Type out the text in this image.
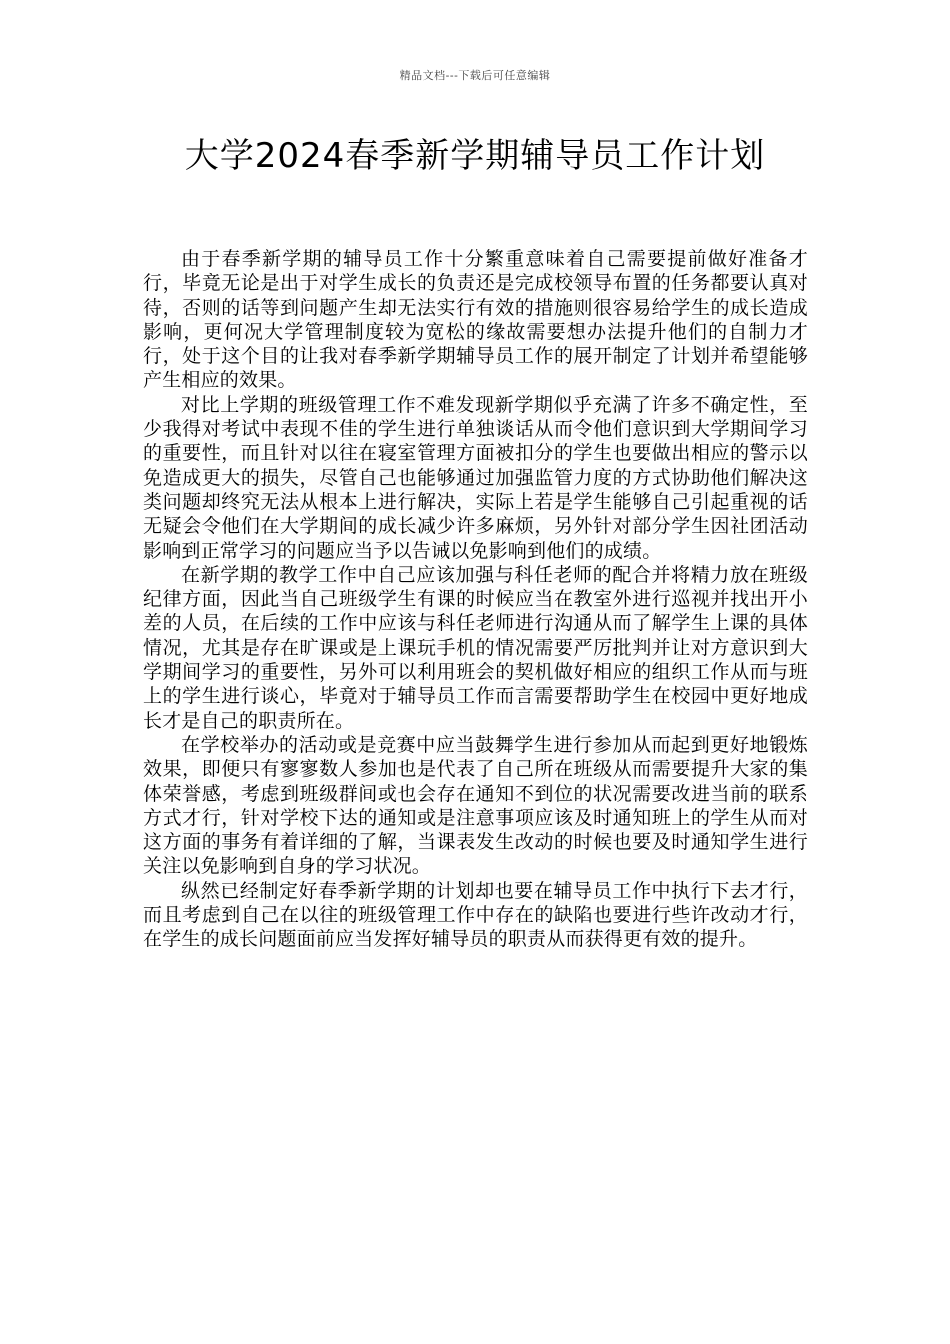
精品文档---下载后可任意编辑
大学2024春季新学期辅导员工作计划

由于春季新学期的辅导员工作十分繁重意味着自己需要提前做好准备才行，毕竟无论是出于对学生成长的负责还是完成校领导布置的任务都要认真对待，否则的话等到问题产生却无法实行有效的措施则很容易给学生的成长造成影响，更何况大学管理制度较为宽松的缘故需要想办法提升他们的自制力才行，处于这个目的让我对春季新学期辅导员工作的展开制定了计划并希望能够产生相应的效果。

对比上学期的班级管理工作不难发现新学期似乎充满了许多不确定性，至少我得对考试中表现不佳的学生进行单独谈话从而令他们意识到大学期间学习的重要性，而且针对以往在寝室管理方面被扣分的学生也要做出相应的警示以免造成更大的损失，尽管自己也能够通过加强监管力度的方式协助他们解决这类问题却终究无法从根本上进行解决，实际上若是学生能够自己引起重视的话无疑会令他们在大学期间的成长减少许多麻烦，另外针对部分学生因社团活动影响到正常学习的问题应当予以告诫以免影响到他们的成绩。

在新学期的教学工作中自己应该加强与科任老师的配合并将精力放在班级纪律方面，因此当自己班级学生有课的时候应当在教室外进行巡视并找出开小差的人员，在后续的工作中应该与科任老师进行沟通从而了解学生上课的具体情况，尤其是存在旷课或是上课玩手机的情况需要严厉批判并让对方意识到大学期间学习的重要性，另外可以利用班会的契机做好相应的组织工作从而与班上的学生进行谈心，毕竟对于辅导员工作而言需要帮助学生在校园中更好地成长才是自己的职责所在。

在学校举办的活动或是竞赛中应当鼓舞学生进行参加从而起到更好地锻炼效果，即便只有寥寥数人参加也是代表了自己所在班级从而需要提升大家的集体荣誉感，考虑到班级群间或也会存在通知不到位的状况需要改进当前的联系方式才行，针对学校下达的通知或是注意事项应该及时通知班上的学生从而对这方面的事务有着详细的了解，当课表发生改动的时候也要及时通知学生进行关注以免影响到自身的学习状况。

纵然已经制定好春季新学期的计划却也要在辅导员工作中执行下去才行，而且考虑到自己在以往的班级管理工作中存在的缺陷也要进行些许改动才行，在学生的成长问题面前应当发挥好辅导员的职责从而获得更有效的提升。
